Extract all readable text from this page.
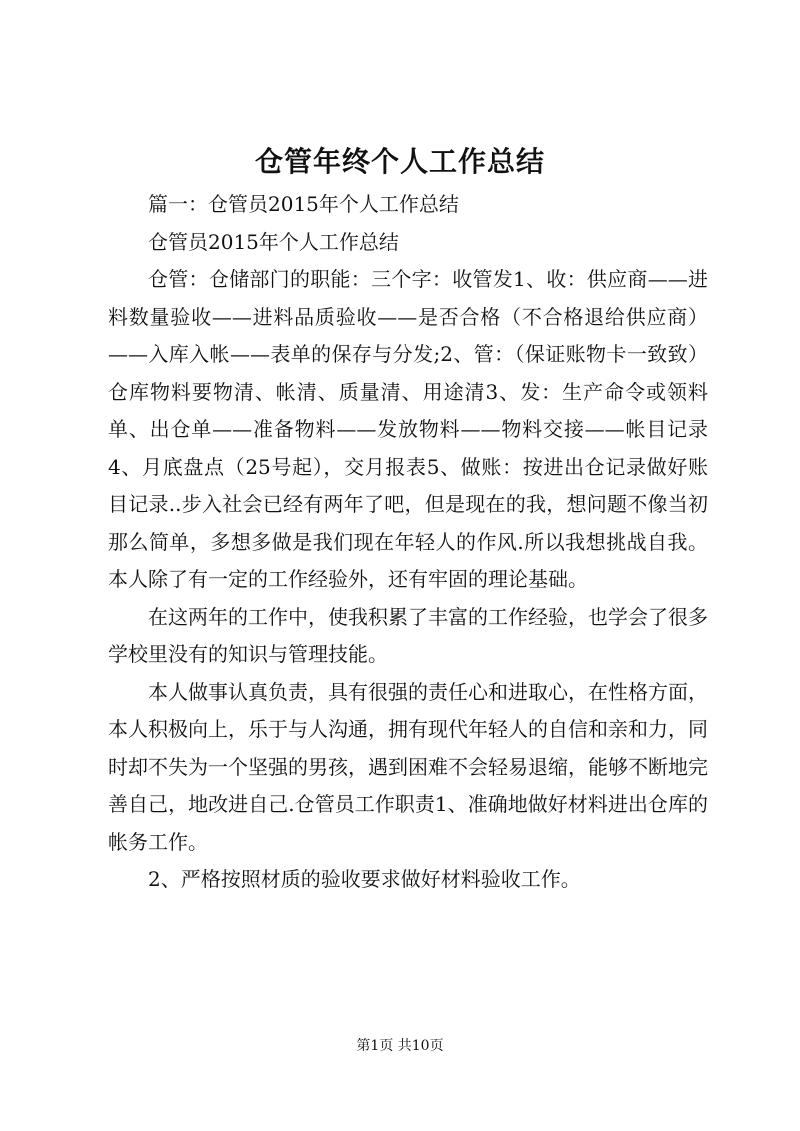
仓管年终个人工作总结

篇一：仓管员2015年个人工作总结

仓管员2015年个人工作总结

仓管：仓储部门的职能：三个字：收管发1、收：供应商——进料数量验收——进料品质验收——是否合格（不合格退给供应商）——入库入帐——表单的保存与分发;2、管：（保证账物卡一致致）仓库物料要物清、帐清、质量清、用途清3、发：生产命令或领料单、出仓单——准备物料——发放物料——物料交接——帐目记录4、月底盘点（25号起），交月报表5、做账：按进出仓记录做好账目记录..步入社会已经有两年了吧，但是现在的我，想问题不像当初那么简单，多想多做是我们现在年轻人的作风.所以我想挑战自我。本人除了有一定的工作经验外，还有牢固的理论基础。

在这两年的工作中，使我积累了丰富的工作经验，也学会了很多学校里没有的知识与管理技能。

本人做事认真负责，具有很强的责任心和进取心，在性格方面，本人积极向上，乐于与人沟通，拥有现代年轻人的自信和亲和力，同时却不失为一个坚强的男孩，遇到困难不会轻易退缩，能够不断地完善自己，地改进自己.仓管员工作职责1、准确地做好材料进出仓库的帐务工作。

2、严格按照材质的验收要求做好材料验收工作。

第1页 共10页
